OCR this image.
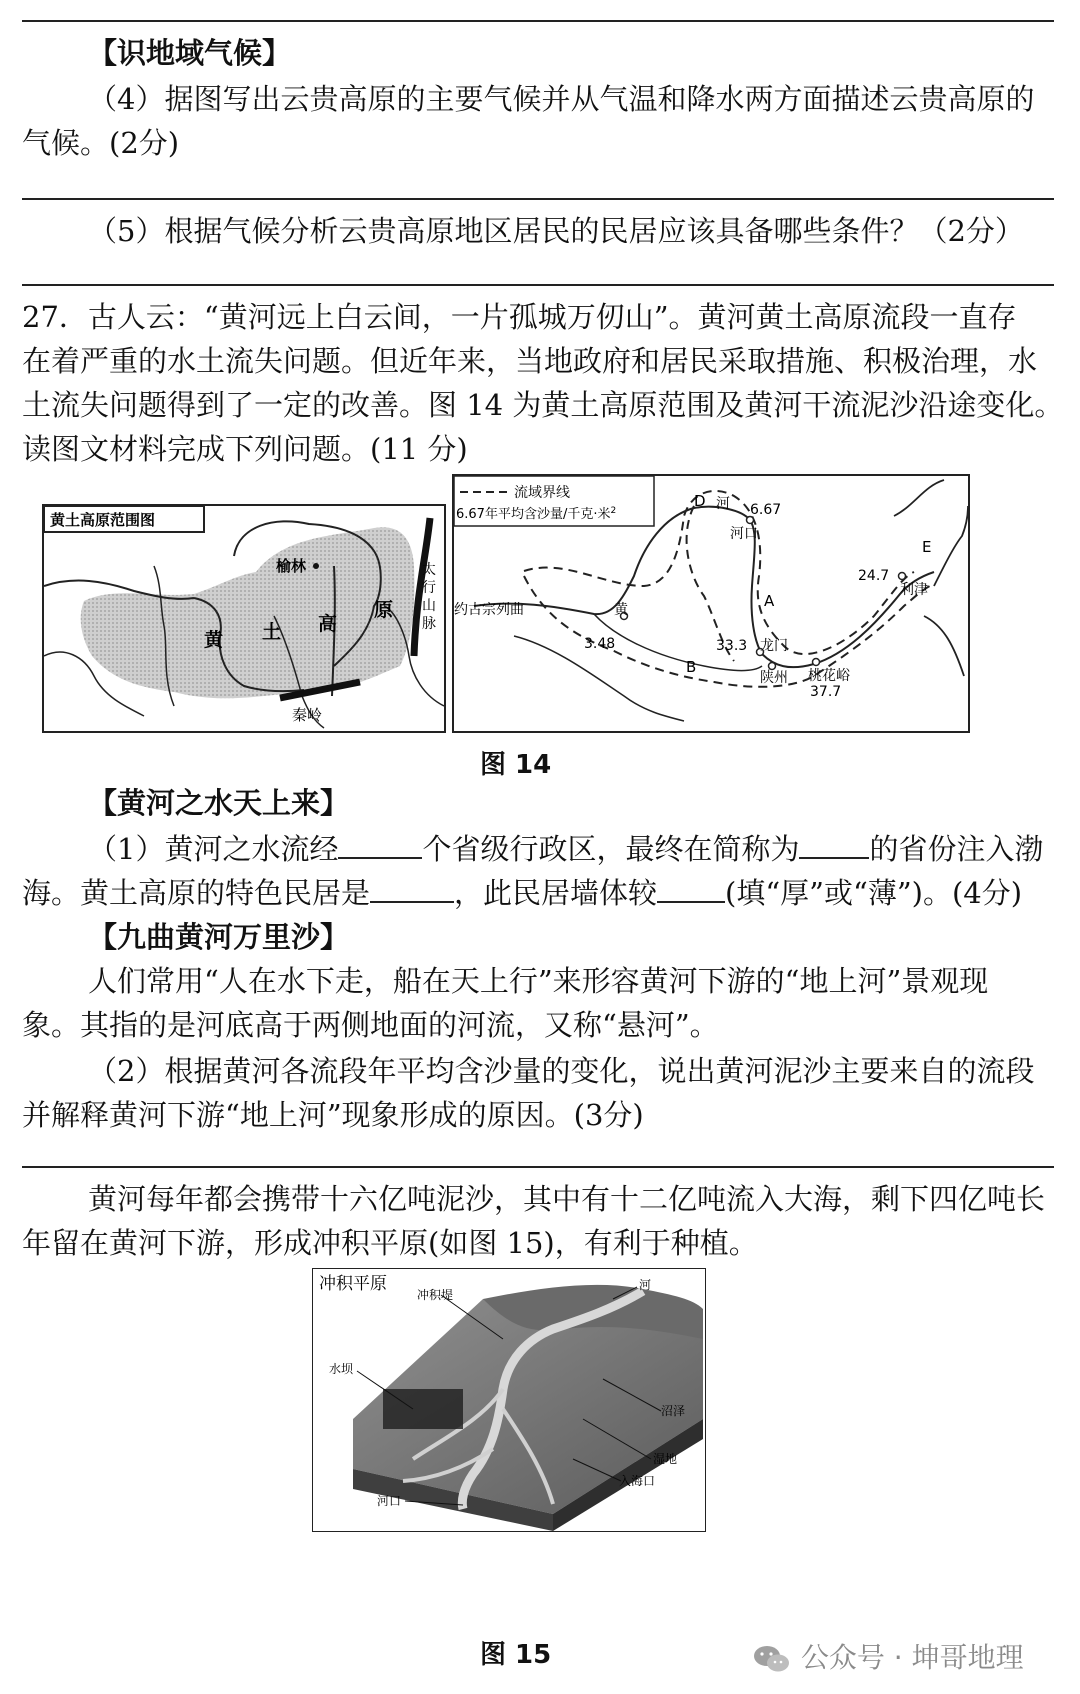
【识地域气候】
（4）据图写出云贵高原的主要气候并从气温和降水两方面描述云贵高原的
气候。(2分)
（5）根据气候分析云贵高原地区居民的民居应该具备哪些条件？（2分）
27．古人云：“黄河远上白云间，一片孤城万仞山”。黄河黄土高原流段一直存
在着严重的水土流失问题。但近年来，当地政府和居民采取措施、积极治理，水
土流失问题得到了一定的改善。图 14 为黄土高原范围及黄河干流泥沙沿途变化。
读图文材料完成下列问题。(11 分)
黄土高原范围图
榆林
黄 土 高
原
太
行
山
脉
秦岭
流域界线
6.67年平均含沙量/千克·米$^2$
D 河
河口
6.67
E
24.7
利津
约古宗列曲	黄
3.48
A
B
33.3 龙门
陕州 桃花峪
37.7
图 14
【黄河之水天上来】
（1）黄河之水流经	个省级行政区，最终在简称为 的省份注入渤
海。黄土高原的特色民居是	，此民居墙体较 (填“厚”或“薄”)。(4分)
【九曲黄河万里沙】
人们常用“人在水下走，船在天上行”来形容黄河下游的“地上河”景观现
象。其指的是河底高于两侧地面的河流，又称“悬河”。
（2）根据黄河各流段年平均含沙量的变化，说出黄河泥沙主要来自的流段
并解释黄河下游“地上河”现象形成的原因。(3分)
黄河每年都会携带十六亿吨泥沙，其中有十二亿吨流入大海，剩下四亿吨长
年留在黄河下游，形成冲积平原(如图 15)，有利于种植。
冲积平原
冲积堤
河
水坝
沼泽
湿地
入海口
河口
图 15	公众号 · 坤哥地理
